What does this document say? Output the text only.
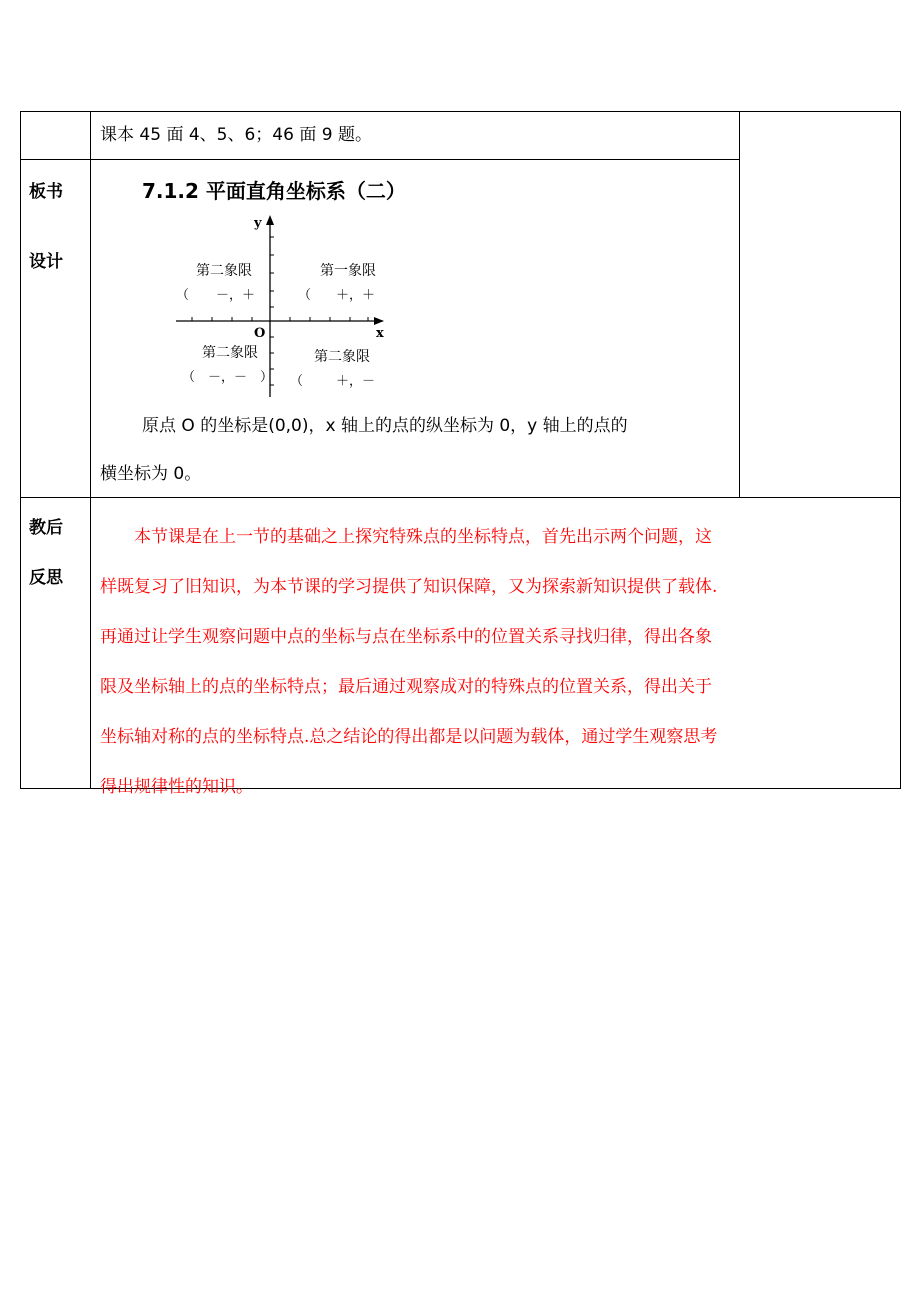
课本 45 面 4、5、6；46 面 9 题。
板书
设计
7.1.2 平面直角坐标系（二）
y
x
O
第二象限
（ －，＋
第一象限
（ ＋，＋
第二象限
（　－，－　）
第二象限
（	＋，－
原点 O 的坐标是(0,0)，x 轴上的点的纵坐标为 0，y 轴上的点的
横坐标为 0。
教后
反思

　　本节课是在上一节的基础之上探究特殊点的坐标特点，首先出示两个问题，这

样既复习了旧知识，为本节课的学习提供了知识保障，又为探索新知识提供了载体.

再通过让学生观察问题中点的坐标与点在坐标系中的位置关系寻找归律，得出各象

限及坐标轴上的点的坐标特点；最后通过观察成对的特殊点的位置关系，得出关于

坐标轴对称的点的坐标特点.总之结论的得出都是以问题为载体，通过学生观察思考

得出规律性的知识。
